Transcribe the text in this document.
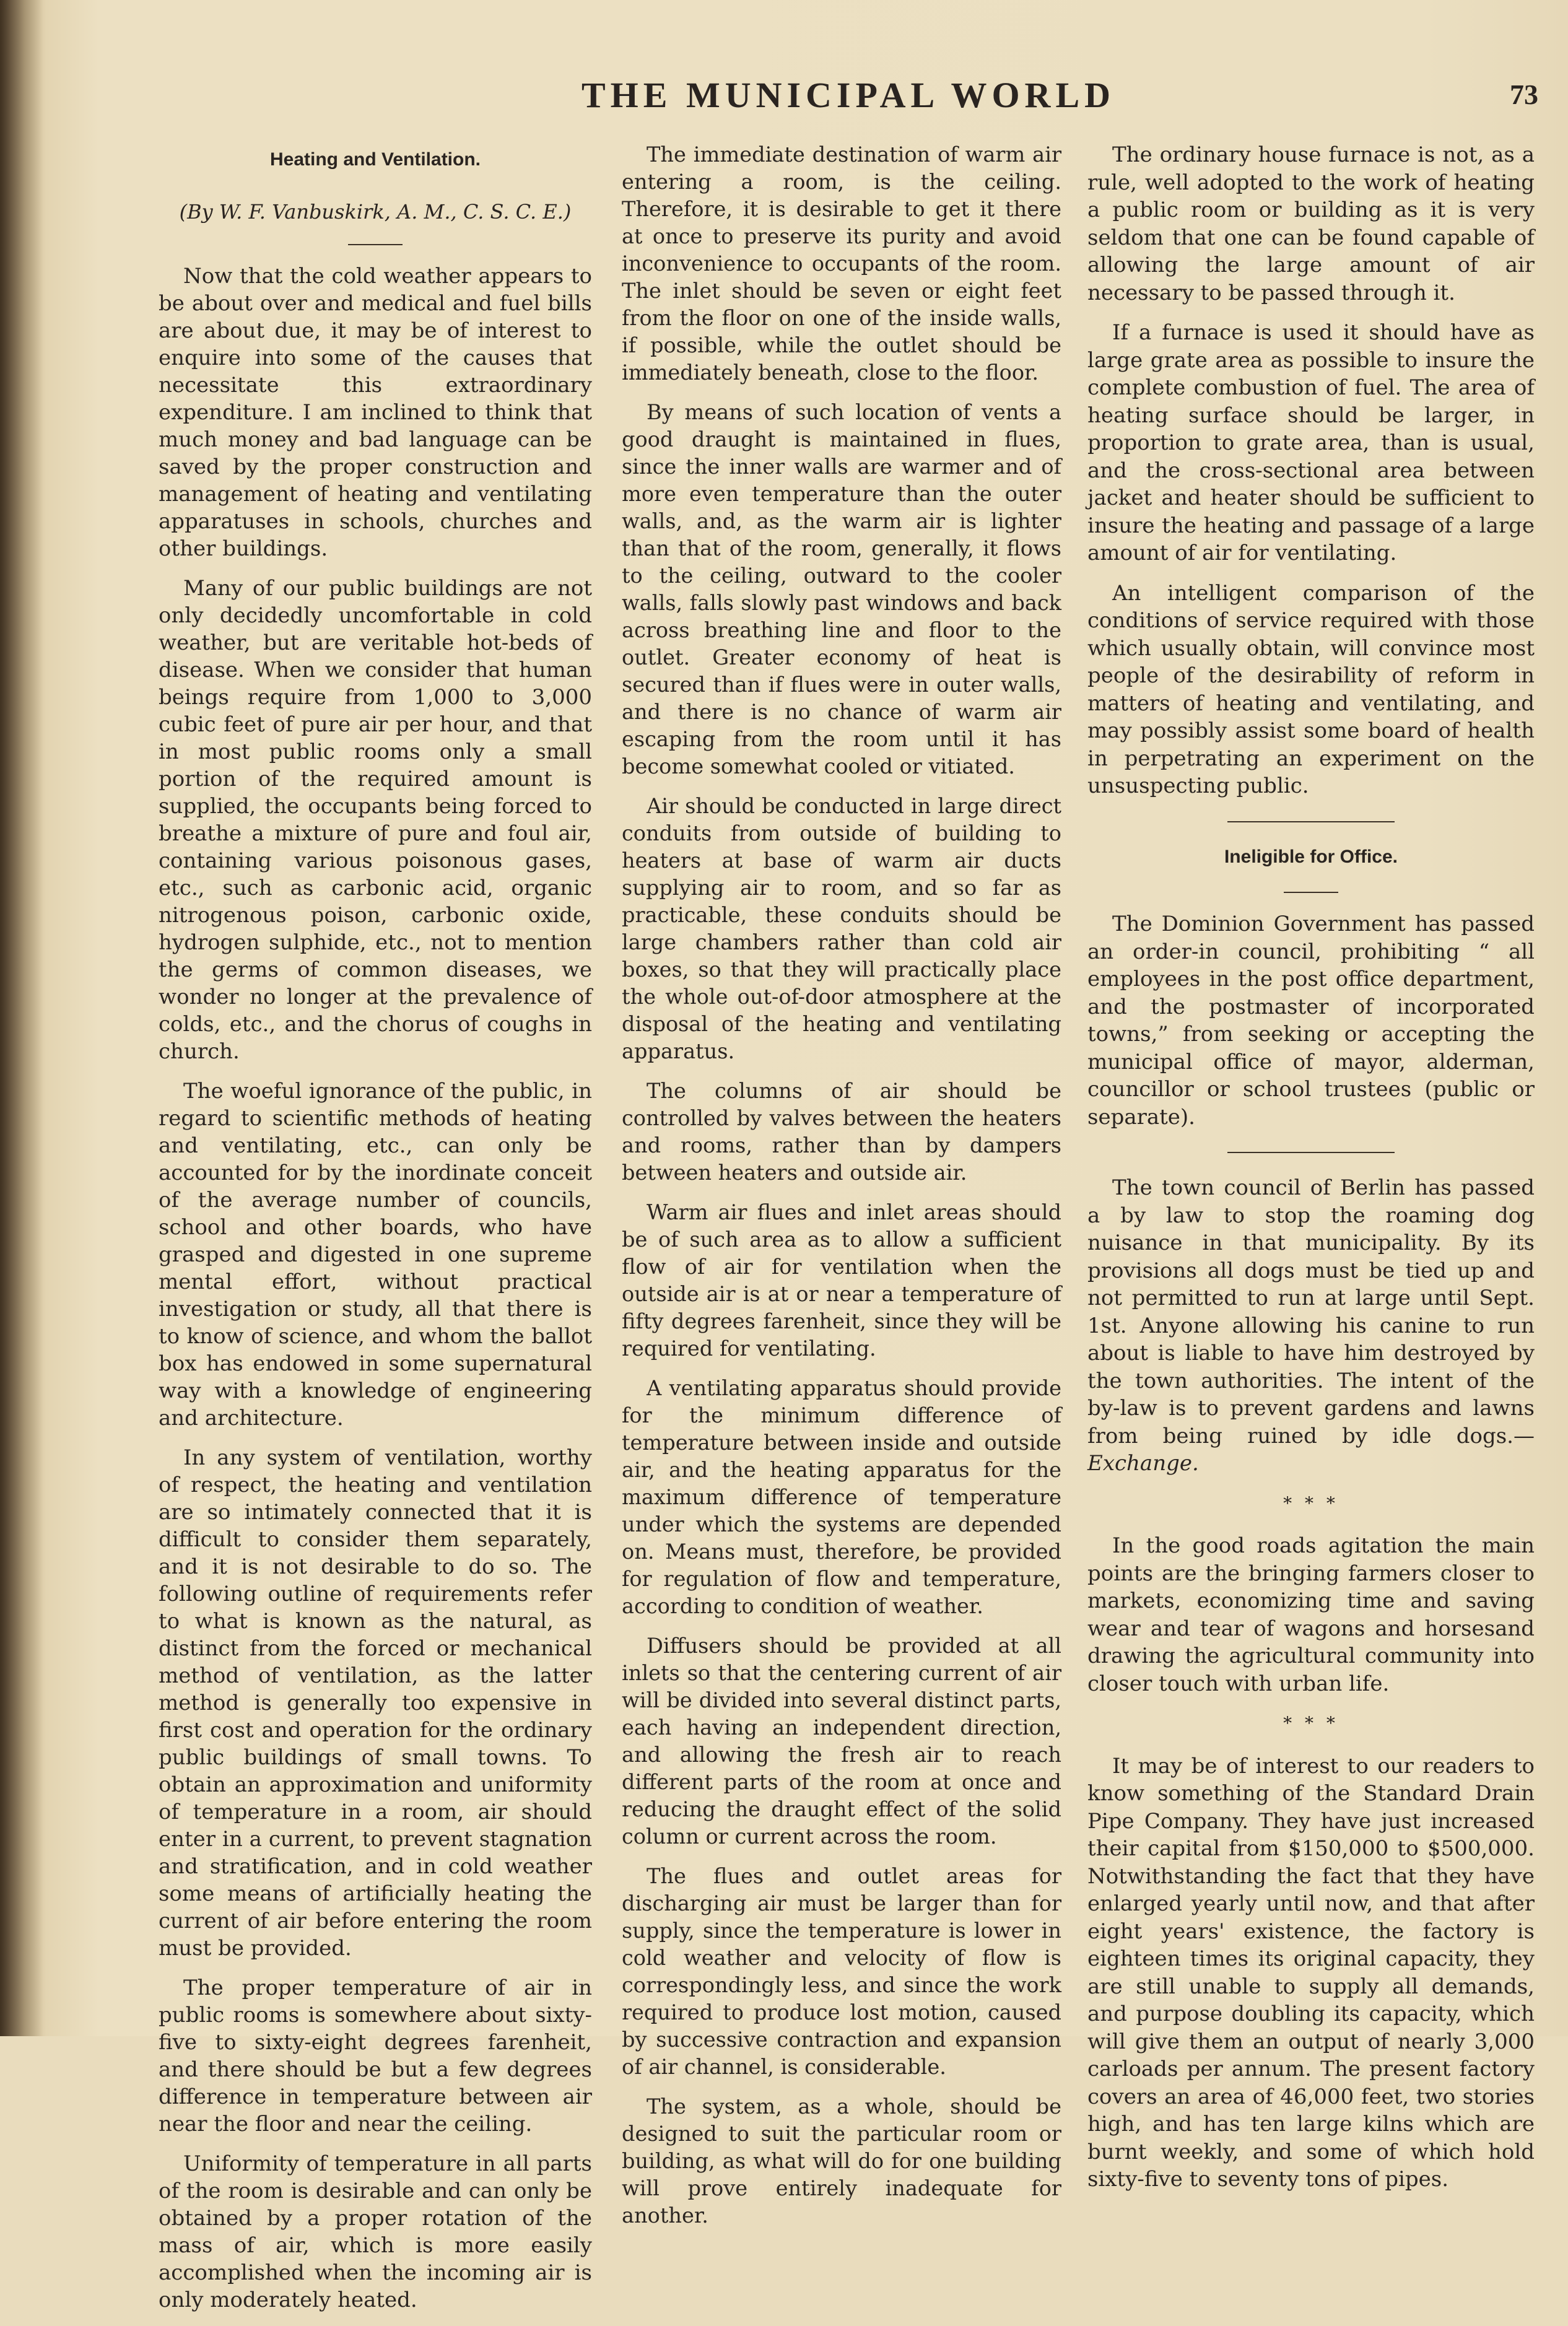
THE MUNICIPAL WORLD	73
Heating and Ventilation.
(By W. F. Vanbuskirk, A. M., C. S. C. E.)

Now that the cold weather appears to be about over and medical and fuel bills are about due, it may be of interest to enquire into some of the causes that necessitate this extraordinary expenditure. I am inclined to think that much money and bad language can be saved by the proper construction and management of heating and ventilating apparatuses in schools, churches and other buildings.

Many of our public buildings are not only decidedly uncomfortable in cold weather, but are veritable hot-beds of disease. When we consider that human beings require from 1,000 to 3,000 cubic feet of pure air per hour, and that in most public rooms only a small portion of the required amount is supplied, the occupants being forced to breathe a mixture of pure and foul air, containing various poisonous gases, etc., such as carbonic acid, organic nitrogenous poison, carbonic oxide, hydrogen sulphide, etc., not to mention the germs of common diseases, we wonder no longer at the prevalence of colds, etc., and the chorus of coughs in church.

The woeful ignorance of the public, in regard to scientific methods of heating and ventilating, etc., can only be accounted for by the inordinate conceit of the average number of councils, school and other boards, who have grasped and digested in one supreme mental effort, without practical investigation or study, all that there is to know of science, and whom the ballot box has endowed in some supernatural way with a knowledge of engineering and architecture.

In any system of ventilation, worthy of respect, the heating and ventilation are so intimately connected that it is difficult to consider them separately, and it is not desirable to do so. The following outline of requirements refer to what is known as the natural, as distinct from the forced or mechanical method of ventilation, as the latter method is generally too expensive in first cost and operation for the ordinary public buildings of small towns. To obtain an approximation and uniformity of temperature in a room, air should enter in a current, to prevent stagnation and stratification, and in cold weather some means of artificially heating the current of air before entering the room must be provided.

The proper temperature of air in public rooms is somewhere about sixty-five to sixty-eight degrees farenheit, and there should be but a few degrees difference in temperature between air near the floor and near the ceiling.

Uniformity of temperature in all parts of the room is desirable and can only be obtained by a proper rotation of the mass of air, which is more easily accomplished when the incoming air is only moderately heated.

The immediate destination of warm air entering a room, is the ceiling. Therefore, it is desirable to get it there at once to preserve its purity and avoid inconvenience to occupants of the room. The inlet should be seven or eight feet from the floor on one of the inside walls, if possible, while the outlet should be immediately beneath, close to the floor.

By means of such location of vents a good draught is maintained in flues, since the inner walls are warmer and of more even temperature than the outer walls, and, as the warm air is lighter than that of the room, generally, it flows to the ceiling, outward to the cooler walls, falls slowly past windows and back across breathing line and floor to the outlet. Greater economy of heat is secured than if flues were in outer walls, and there is no chance of warm air escaping from the room until it has become somewhat cooled or vitiated.

Air should be conducted in large direct conduits from outside of building to heaters at base of warm air ducts supplying air to room, and so far as practicable, these conduits should be large chambers rather than cold air boxes, so that they will practically place the whole out-of-door atmosphere at the disposal of the heating and ventilating apparatus.

The columns of air should be controlled by valves between the heaters and rooms, rather than by dampers between heaters and outside air.

Warm air flues and inlet areas should be of such area as to allow a sufficient flow of air for ventilation when the outside air is at or near a temperature of fifty degrees farenheit, since they will be required for ventilating.

A ventilating apparatus should provide for the minimum difference of temperature between inside and outside air, and the heating apparatus for the maximum difference of temperature under which the systems are depended on. Means must, therefore, be provided for regulation of flow and temperature, according to condition of weather.

Diffusers should be provided at all inlets so that the centering current of air will be divided into several distinct parts, each having an independent direction, and allowing the fresh air to reach different parts of the room at once and reducing the draught effect of the solid column or current across the room.

The flues and outlet areas for discharging air must be larger than for supply, since the temperature is lower in cold weather and velocity of flow is correspondingly less, and since the work required to produce lost motion, caused by successive contraction and expansion of air channel, is considerable.

The system, as a whole, should be designed to suit the particular room or building, as what will do for one building will prove entirely inadequate for another.

The ordinary house furnace is not, as a rule, well adopted to the work of heating a public room or building as it is very seldom that one can be found capable of allowing the large amount of air necessary to be passed through it.

If a furnace is used it should have as large grate area as possible to insure the complete combustion of fuel. The area of heating surface should be larger, in proportion to grate area, than is usual, and the cross-sectional area between jacket and heater should be sufficient to insure the heating and passage of a large amount of air for ventilating.

An intelligent comparison of the conditions of service required with those which usually obtain, will convince most people of the desirability of reform in matters of heating and ventilating, and may possibly assist some board of health in perpetrating an experiment on the unsuspecting public.

Ineligible for Office.

The Dominion Government has passed an order-in council, prohibiting “ all employees in the post office department, and the postmaster of incorporated towns,” from seeking or accepting the municipal office of mayor, alderman, councillor or school trustees (public or separate).

The town council of Berlin has passed a by law to stop the roaming dog nuisance in that municipality. By its provisions all dogs must be tied up and not permitted to run at large until Sept. 1st. Anyone allowing his canine to run about is liable to have him destroyed by the town authorities. The intent of the by-law is to prevent gardens and lawns from being ruined by idle dogs.—Exchange.

* * *

In the good roads agitation the main points are the bringing farmers closer to markets, economizing time and saving wear and tear of wagons and horsesand drawing the agricultural community into closer touch with urban life.

* * *

It may be of interest to our readers to know something of the Standard Drain Pipe Company. They have just increased their capital from $150,000 to $500,000. Notwithstanding the fact that they have enlarged yearly until now, and that after eight years' existence, the factory is eighteen times its original capacity, they are still unable to supply all demands, and purpose doubling its capacity, which will give them an output of nearly 3,000 carloads per annum. The present factory covers an area of 46,000 feet, two stories high, and has ten large kilns which are burnt weekly, and some of which hold sixty-five to seventy tons of pipes.
